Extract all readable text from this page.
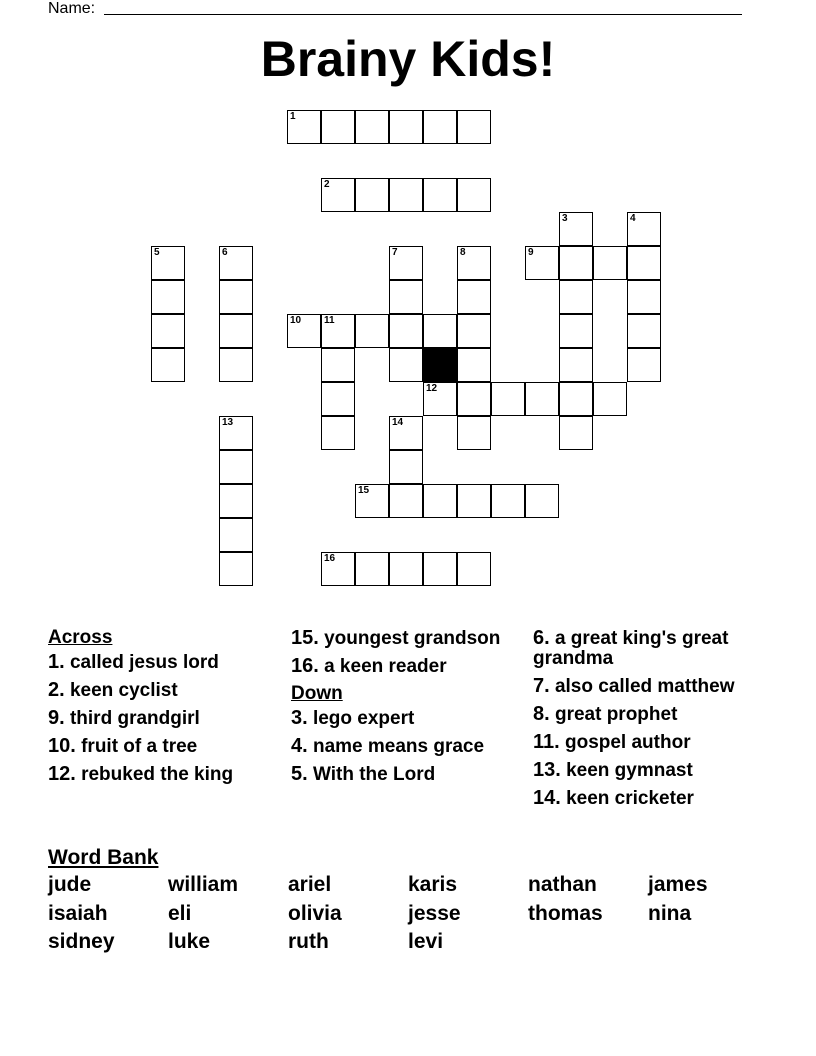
Name:
Brainy Kids!
1
2
3	4
5	6	7	8	9
10 11
12
13	14
15
16
Across
1. called jesus lord
2. keen cyclist
9. third grandgirl
10. fruit of a tree
12. rebuked the king
15. youngest grandson
16. a keen reader
Down
3. lego expert
4. name means grace
5. With the Lord
6. a great king's great grandma
7. also called matthew
8. great prophet
11. gospel author
13. keen gymnast
14. keen cricketer
Word Bank
jude	william ariel	karis	nathan james
isaiah	eli	olivia	jesse	thomas nina
sidney	luke	ruth	levi
